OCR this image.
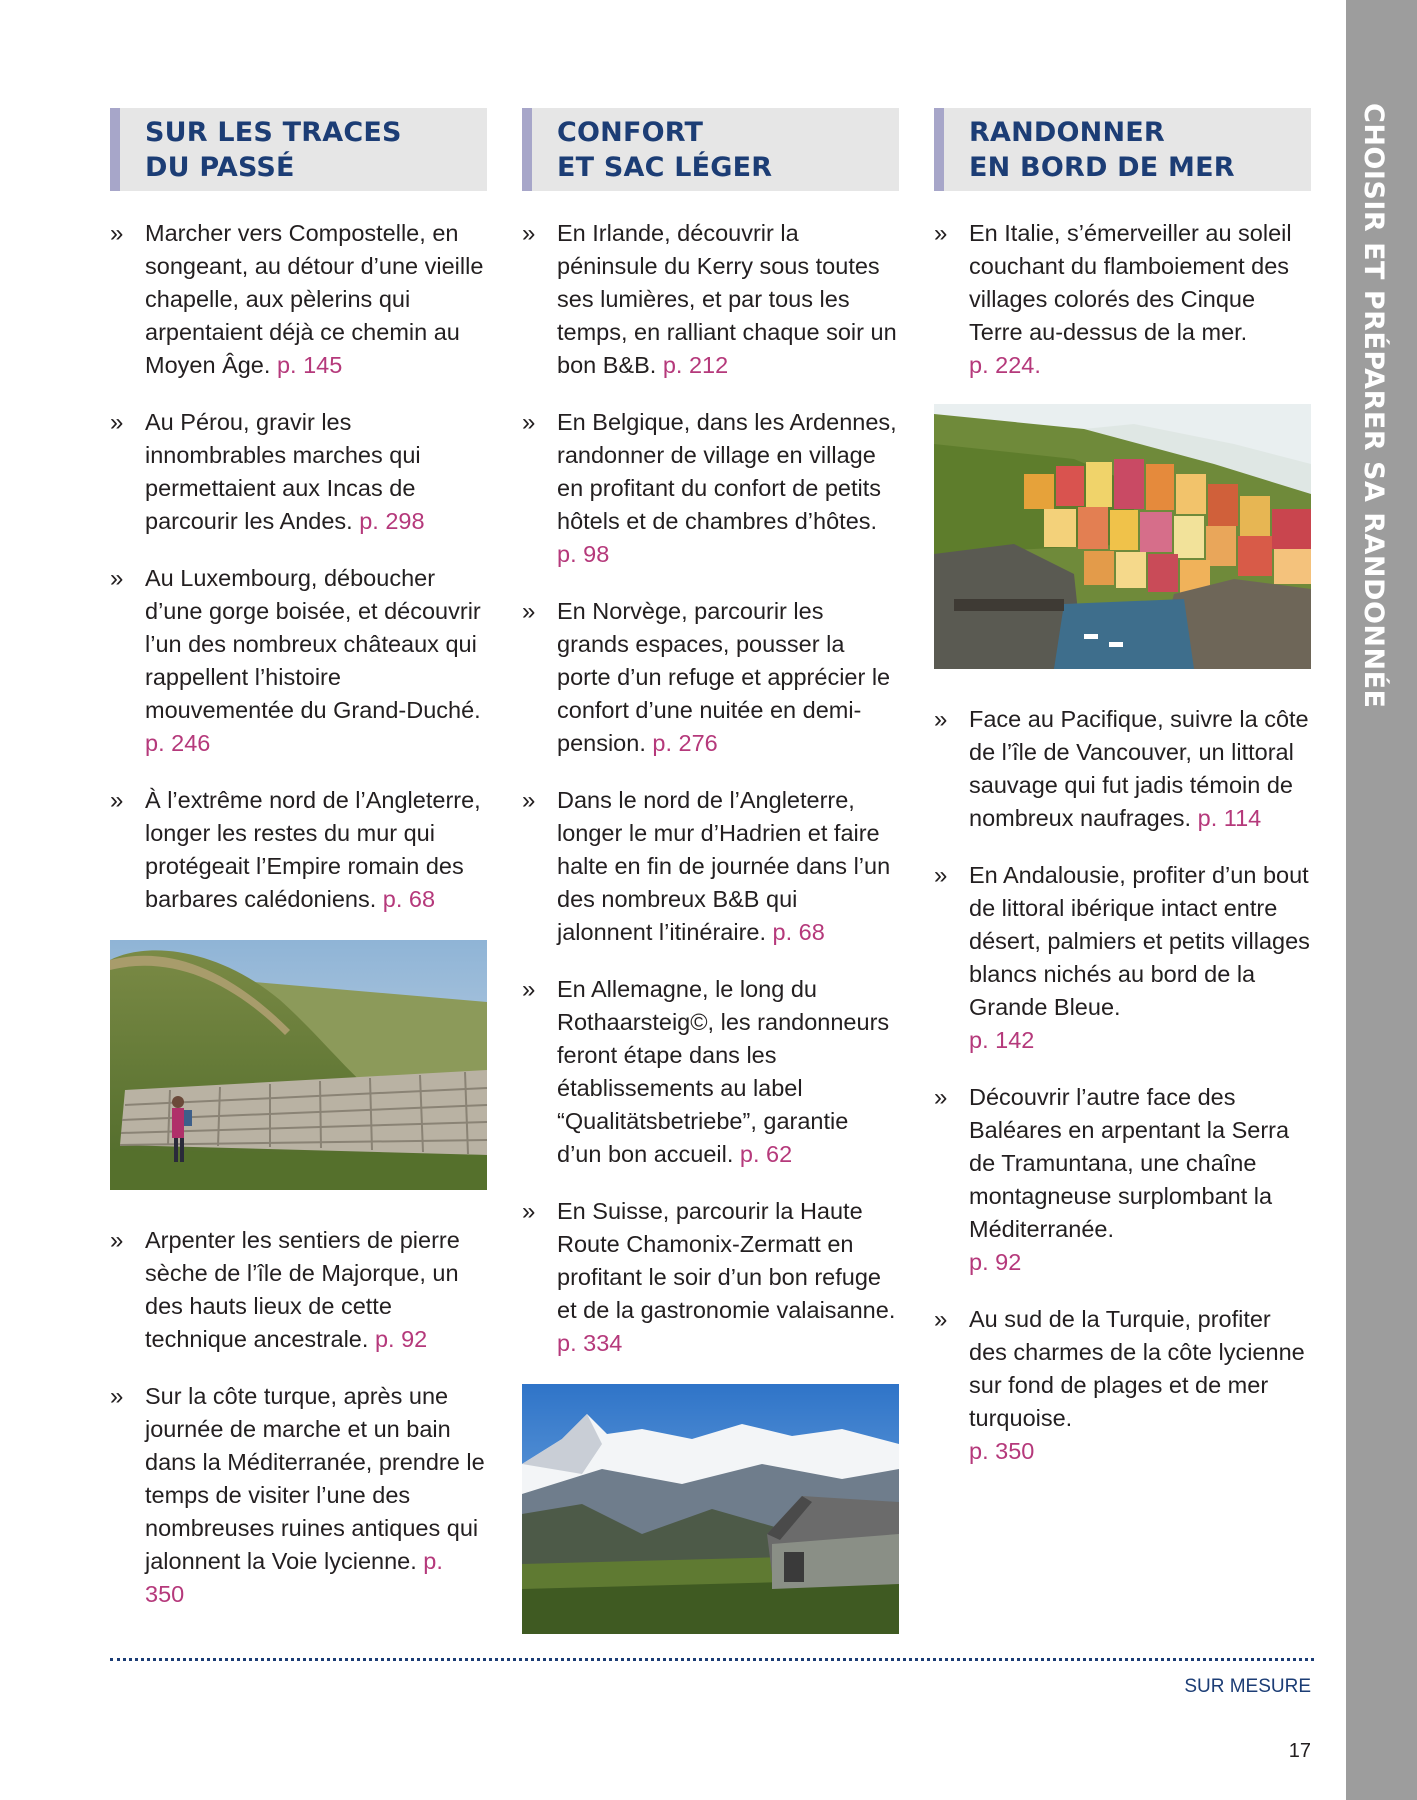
CHOISIR ET PRÉPARER SA RANDONNÉE
SUR LES TRACES
DU PASSÉ
» Marcher vers Compostelle, en songeant, au détour d’une vieille chapelle, aux pèlerins qui arpentaient déjà ce chemin au Moyen Âge. p. 145
» Au Pérou, gravir les innombrables marches qui permettaient aux Incas de parcourir les Andes. p. 298
» Au Luxembourg, déboucher d’une gorge boisée, et découvrir l’un des nombreux châteaux qui rappellent l’histoire mouvementée du Grand-Duché. p. 246
» À l’extrême nord de l’Angleterre, longer les restes du mur qui protégeait l’Empire romain des barbares calédoniens. p. 68
» Arpenter les sentiers de pierre sèche de l’île de Majorque, un des hauts lieux de cette technique ancestrale. p. 92
» Sur la côte turque, après une journée de marche et un bain dans la Méditerranée, prendre le temps de visiter l’une des nombreuses ruines antiques qui jalonnent la Voie lycienne. p. 350
CONFORT
ET SAC LÉGER
» En Irlande, découvrir la péninsule du Kerry sous toutes ses lumières, et par tous les temps, en ralliant chaque soir un bon B&B. p. 212
» En Belgique, dans les Ardennes, randonner de village en village en profitant du confort de petits hôtels et de chambres d’hôtes. p. 98
» En Norvège, parcourir les grands espaces, pousser la porte d’un refuge et apprécier le confort d’une nuitée en demi-pension. p. 276
» Dans le nord de l’Angleterre, longer le mur d’Hadrien et faire halte en fin de journée dans l’un des nombreux B&B qui jalonnent l’itinéraire. p. 68
» En Allemagne, le long du Rothaarsteig©, les randonneurs feront étape dans les établissements au label “Qualitätsbetriebe”, garantie d’un bon accueil. p. 62
» En Suisse, parcourir la Haute Route Chamonix-Zermatt en profitant le soir d’un bon refuge et de la gastronomie valaisanne. p. 334
RANDONNER
EN BORD DE MER
» En Italie, s’émerveiller au soleil couchant du flamboiement des villages colorés des Cinque Terre au-dessus de la mer.
p. 224.
» Face au Pacifique, suivre la côte de l’île de Vancouver, un littoral sauvage qui fut jadis témoin de nombreux naufrages. p. 114
» En Andalousie, profiter d’un bout de littoral ibérique intact entre désert, palmiers et petits villages blancs nichés au bord de la Grande Bleue.
p. 142
» Découvrir l’autre face des Baléares en arpentant la Serra de Tramuntana, une chaîne montagneuse surplombant la Méditerranée.
p. 92
» Au sud de la Turquie, profiter des charmes de la côte lycienne sur fond de plages et de mer turquoise.
p. 350
SUR MESURE
17
